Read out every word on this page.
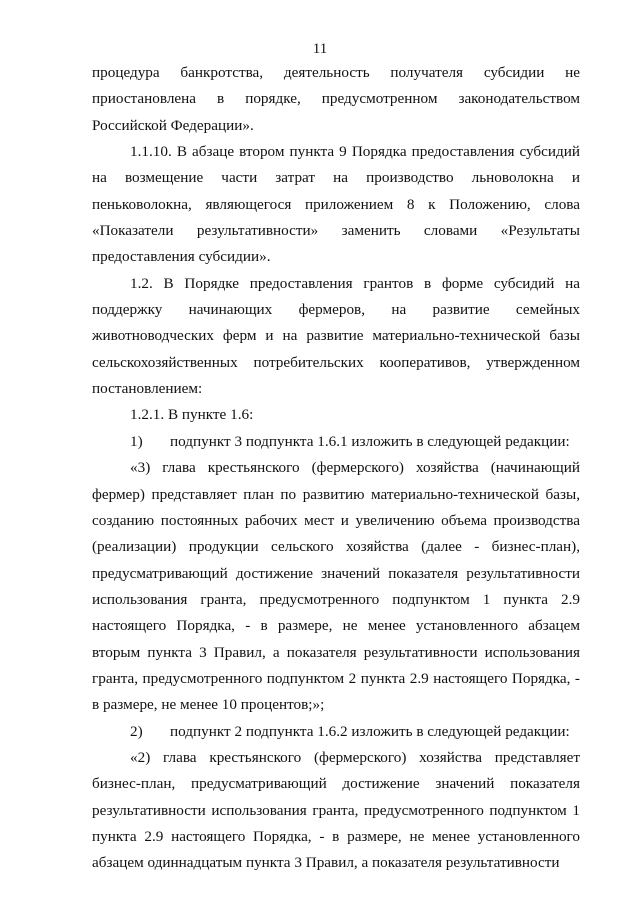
11

процедура банкротства, деятельность получателя субсидии не приостановлена в порядке, предусмотренном законодательством Российской Федерации».

1.1.10. В абзаце втором пункта 9 Порядка предоставления субсидий на возмещение части затрат на производство льноволокна и пеньковолокна, являющегося приложением 8 к Положению, слова «Показатели результативности» заменить словами «Результаты предоставления субсидии».

1.2. В Порядке предоставления грантов в форме субсидий на поддержку начинающих фермеров, на развитие семейных животноводческих ферм и на развитие материально-технической базы сельскохозяйственных потребительских кооперативов, утвержденном постановлением:

1.2.1. В пункте 1.6:

1) подпункт 3 подпункта 1.6.1 изложить в следующей редакции:

«3) глава крестьянского (фермерского) хозяйства (начинающий фермер) представляет план по развитию материально-технической базы, созданию постоянных рабочих мест и увеличению объема производства (реализации) продукции сельского хозяйства (далее - бизнес-план), предусматривающий достижение значений показателя результативности использования гранта, предусмотренного подпунктом 1 пункта 2.9 настоящего Порядка, - в размере, не менее установленного абзацем вторым пункта 3 Правил, а показателя результативности использования гранта, предусмотренного подпунктом 2 пункта 2.9 настоящего Порядка, - в размере, не менее 10 процентов;»;

2) подпункт 2 подпункта 1.6.2 изложить в следующей редакции:

«2) глава крестьянского (фермерского) хозяйства представляет бизнес-план, предусматривающий достижение значений показателя результативности использования гранта, предусмотренного подпунктом 1 пункта 2.9 настоящего Порядка, - в размере, не менее установленного абзацем одиннадцатым пункта 3 Правил, а показателя результативности
